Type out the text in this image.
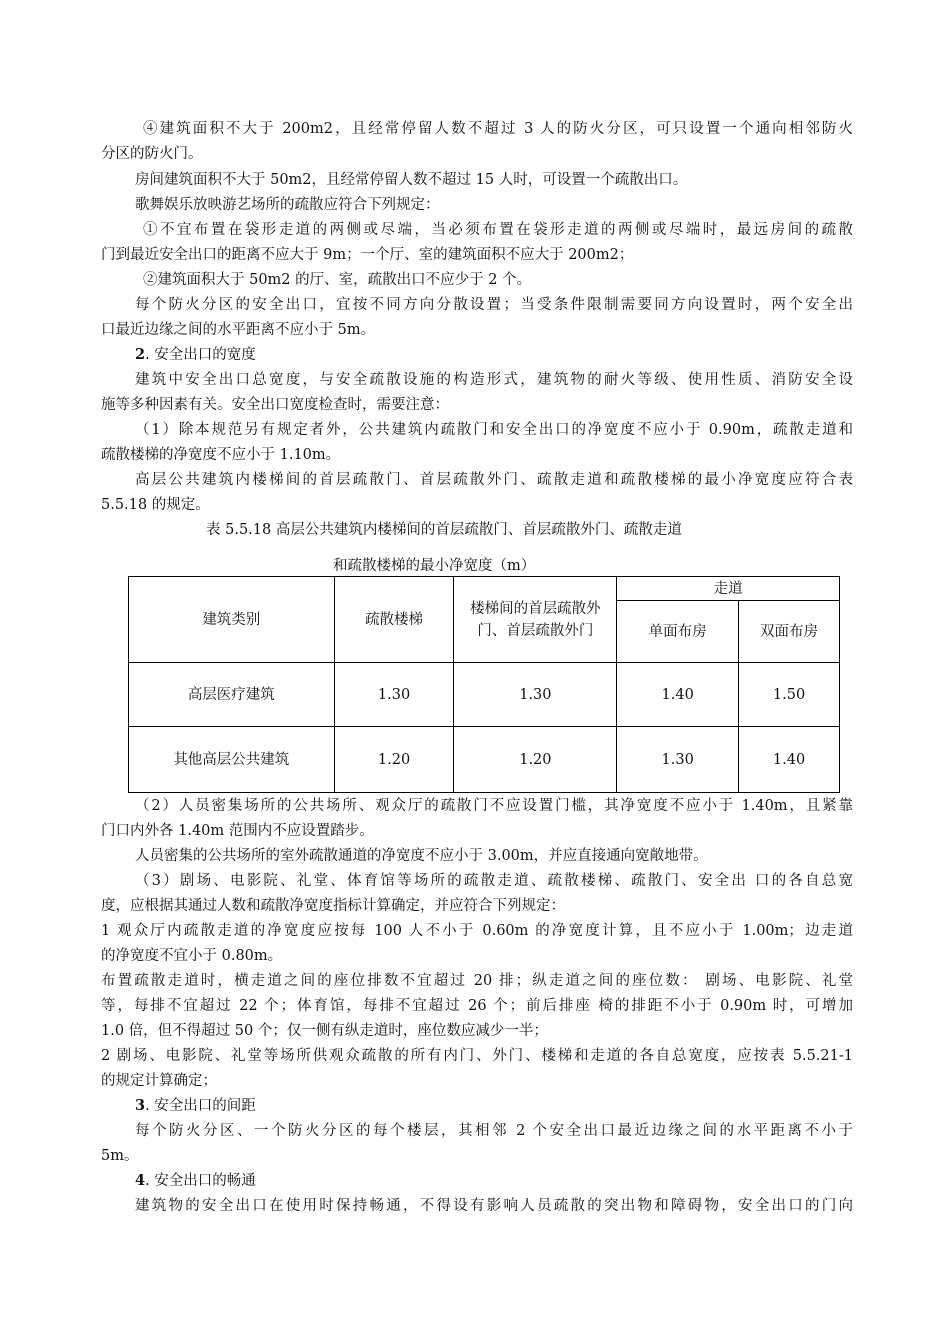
④建筑面积不大于 200m2，且经常停留人数不超过 3 人的防火分区，可只设置一个通向相邻防火
分区的防火门。
房间建筑面积不大于 50m2，且经常停留人数不超过 15 人时，可设置一个疏散出口。
歌舞娱乐放映游艺场所的疏散应符合下列规定：
①不宜布置在袋形走道的两侧或尽端，当必须布置在袋形走道的两侧或尽端时，最远房间的疏散
门到最近安全出口的距离不应大于 9m；一个厅、室的建筑面积不应大于 200m2；
②建筑面积大于 50m2 的厅、室，疏散出口不应少于 2 个。
每个防火分区的安全出口，宜按不同方向分散设置；当受条件限制需要同方向设置时，两个安全出
口最近边缘之间的水平距离不应小于 5m。
2. 安全出口的宽度
建筑中安全出口总宽度，与安全疏散设施的构造形式，建筑物的耐火等级、使用性质、消防安全设
施等多种因素有关。安全出口宽度检查时，需要注意：
（1）除本规范另有规定者外，公共建筑内疏散门和安全出口的净宽度不应小于 0.90m，疏散走道和
疏散楼梯的净宽度不应小于 1.10m。
高层公共建筑内楼梯间的首层疏散门、首层疏散外门、疏散走道和疏散楼梯的最小净宽度应符合表
5.5.18 的规定。
表 5.5.18 高层公共建筑内楼梯间的首层疏散门、首层疏散外门、疏散走道
和疏散楼梯的最小净宽度（m）
建筑类别	疏散楼梯	楼梯间的首层疏散外
门、首层疏散外门	走道	
			单面布房	双面布房
高层医疗建筑	1.30	1.30	1.40	1.50
其他高层公共建筑	1.20	1.20	1.30	1.40
（2）人员密集场所的公共场所、观众厅的疏散门不应设置门槛，其净宽度不应小于 1.40m，且紧靠
门口内外各 1.40m 范围内不应设置踏步。
人员密集的公共场所的室外疏散通道的净宽度不应小于 3.00m，并应直接通向宽敞地带。
（3）剧场、电影院、礼堂、体育馆等场所的疏散走道、疏散楼梯、疏散门、安全出 口的各自总宽
度，应根据其通过人数和疏散净宽度指标计算确定，并应符合下列规定：
1 观众厅内疏散走道的净宽度应按每 100 人不小于 0.60m 的净宽度计算，且不应小于 1.00m；边走道
的净宽度不宜小于 0.80m。
布置疏散走道时，横走道之间的座位排数不宜超过 20 排；纵走道之间的座位数： 剧场、电影院、礼堂
等，每排不宜超过 22 个；体育馆，每排不宜超过 26 个；前后排座 椅的排距不小于 0.90m 时，可增加
1.0 倍，但不得超过 50 个；仅一侧有纵走道时，座位数应减少一半；
2 剧场、电影院、礼堂等场所供观众疏散的所有内门、外门、楼梯和走道的各自总宽度，应按表 5.5.21-1
的规定计算确定；
3. 安全出口的间距
每个防火分区、一个防火分区的每个楼层，其相邻 2 个安全出口最近边缘之间的水平距离不小于
5m。
4. 安全出口的畅通
建筑物的安全出口在使用时保持畅通，不得设有影响人员疏散的突出物和障碍物，安全出口的门向
